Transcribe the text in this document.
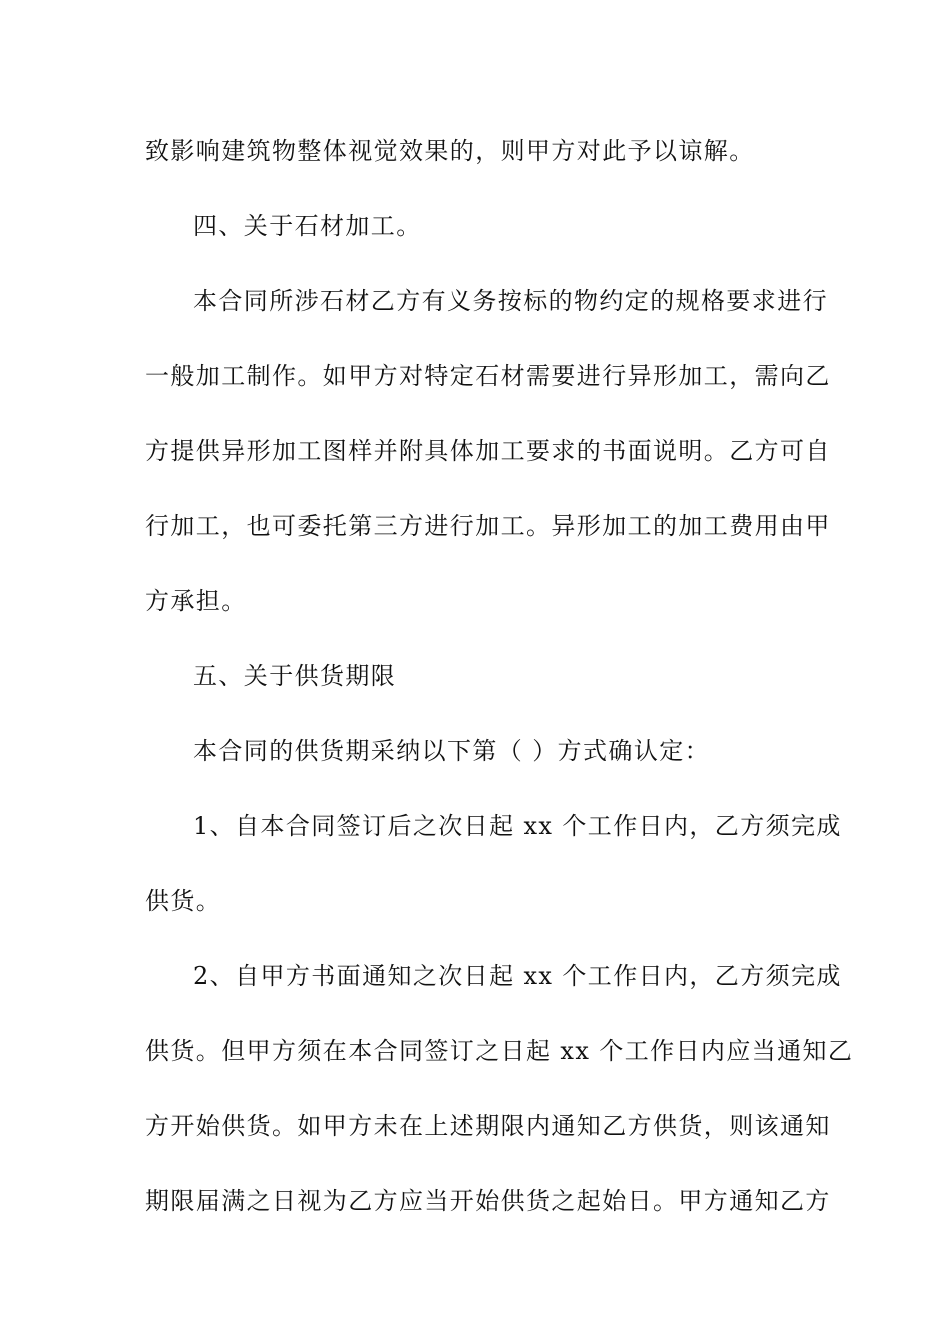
致影响建筑物整体视觉效果的，则甲方对此予以谅解。
四、关于石材加工。
本合同所涉石材乙方有义务按标的物约定的规格要求进行
一般加工制作。如甲方对特定石材需要进行异形加工，需向乙
方提供异形加工图样并附具体加工要求的书面说明。乙方可自
行加工，也可委托第三方进行加工。异形加工的加工费用由甲
方承担。
五、关于供货期限
本合同的供货期采纳以下第（ ）方式确认定：
1、自本合同签订后之次日起 xx 个工作日内，乙方须完成
供货。
2、自甲方书面通知之次日起 xx 个工作日内，乙方须完成
供货。但甲方须在本合同签订之日起 xx 个工作日内应当通知乙
方开始供货。如甲方未在上述期限内通知乙方供货，则该通知
期限届满之日视为乙方应当开始供货之起始日。甲方通知乙方
